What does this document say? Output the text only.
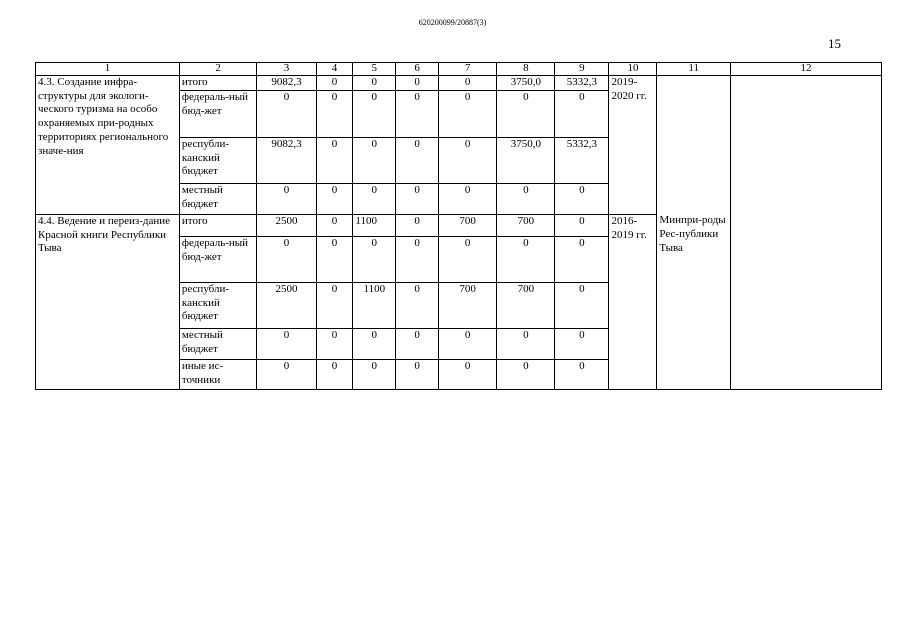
620200099/20887(3)
15
1	2	3	4	5	6	7	8	9	10	11	12
4.3. Создание инфра-структуры для экологи-ческого туризма на особо охраняемых при-родных территориях регионального значе-ния	итого	9082,3	0	0	0	0	3750,0	5332,3	2019-2020 гг.		
	федераль-ный бюд-жет	0	0	0	0	0	0	0			
	республи-канский бюджет	9082,3	0	0	0	0	3750,0	5332,3			
	местный бюджет	0	0	0	0	0	0	0			
4.4. Ведение и переиз-дание Красной книги Республики Тыва	итого	2500	0	1100	0	700	700	0	2016-2019 гг.	Минпри-роды Рес-публики Тыва	
	федераль-ный бюд-жет	0	0	0	0	0	0	0			
	республи-канский бюджет	2500	0	1100	0	700	700	0			
	местный бюджет	0	0	0	0	0	0	0			
	иные ис-точники	0	0	0	0	0	0	0			
